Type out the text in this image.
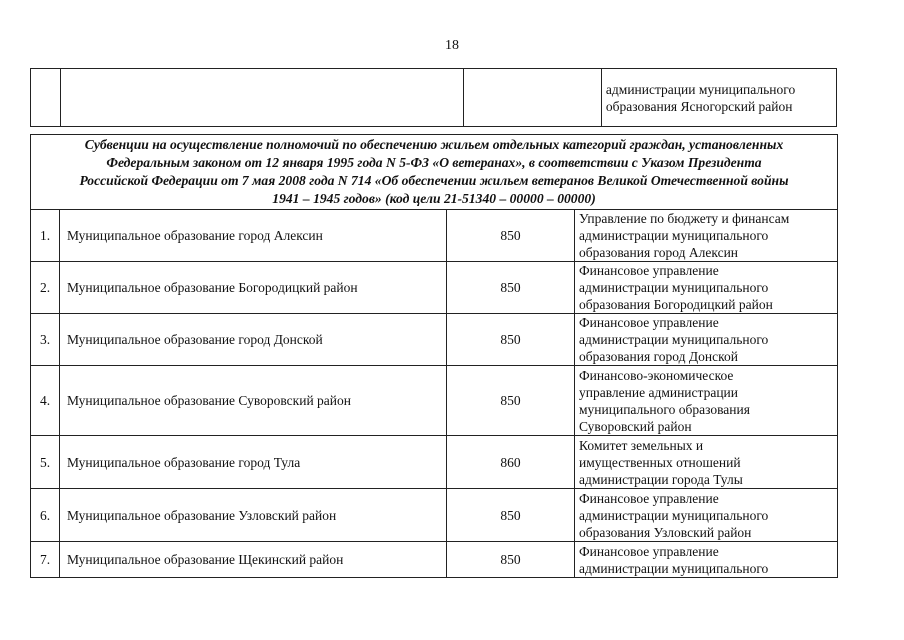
18

администрации муниципального
образования Ясногорский район
Субвенции на осуществление полномочий по обеспечению жильем отдельных категорий граждан, установленных
Федеральным законом от 12 января 1995 года N 5-ФЗ «О ветеранах», в соответствии с Указом Президента
Российской Федерации от 7 мая 2008 года N 714 «Об обеспечении жильем ветеранов Великой Отечественной войны
1941 – 1945 годов» (код цели 21-51340 – 00000 – 00000)			

1.	Муниципальное образование город Алексин	850	Управление по бюджету и финансам
администрации муниципального
образования город Алексин

2.	Муниципальное образование Богородицкий район	850	Финансовое управление
администрации муниципального
образования Богородицкий район

3.	Муниципальное образование город Донской	850	Финансовое управление
администрации муниципального
образования город Донской

4.	Муниципальное образование Суворовский район	850	Финансово-экономическое
управление администрации
муниципального образования
Суворовский район

5.	Муниципальное образование город Тула	860	Комитет земельных и
имущественных отношений
администрации города Тулы

6.	Муниципальное образование Узловский район	850	Финансовое управление
администрации муниципального
образования Узловский район

7.	Муниципальное образование Щекинский район	850	Финансовое управление
администрации муниципального
